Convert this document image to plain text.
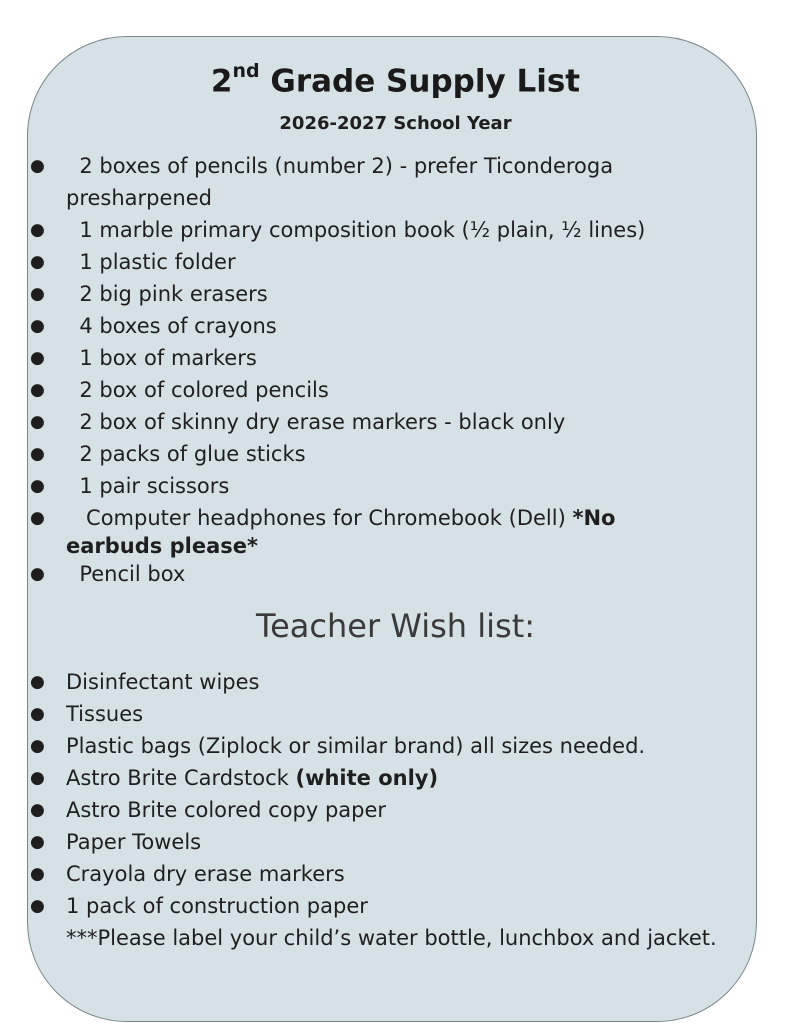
2nd Grade Supply List
2026-2027 School Year
● 2 boxes of pencils (number 2) - prefer Ticonderoga
presharpened
● 1 marble primary composition book (½ plain, ½ lines)
● 1 plastic folder
● 2 big pink erasers
● 4 boxes of crayons
● 1 box of markers
● 2 box of colored pencils
● 2 box of skinny dry erase markers - black only
● 2 packs of glue sticks
● 1 pair scissors
● Computer headphones for Chromebook (Dell) *No
earbuds please*
● Pencil box
Teacher Wish list:
● Disinfectant wipes
● Tissues
● Plastic bags (Ziplock or similar brand) all sizes needed.
● Astro Brite Cardstock (white only)
● Astro Brite colored copy paper
● Paper Towels
● Crayola dry erase markers
● 1 pack of construction paper
***Please label your child’s water bottle, lunchbox and jacket.
